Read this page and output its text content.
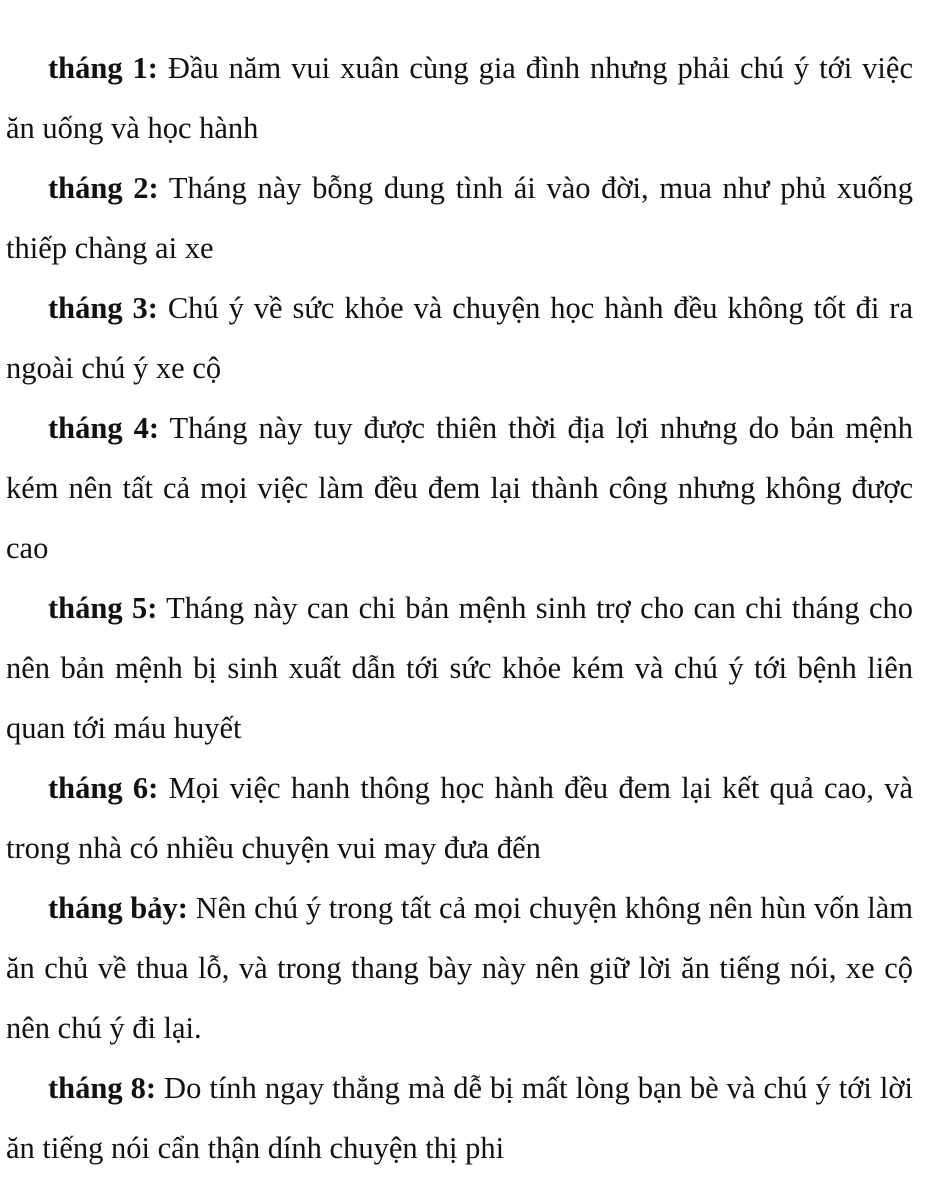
tháng 1: Đầu năm vui xuân cùng gia đình nhưng phải chú ý tới việc ăn uống và học hành

tháng 2: Tháng này bỗng dung tình ái vào đời, mua như phủ xuống thiếp chàng ai xe

tháng 3: Chú ý về sức khỏe và chuyện học hành đều không tốt đi ra ngoài chú ý xe cộ

tháng 4: Tháng này tuy được thiên thời địa lợi nhưng do bản mệnh kém nên tất cả mọi việc làm đều đem lại thành công nhưng không được cao

tháng 5: Tháng này can chi bản mệnh sinh trợ cho can chi tháng cho nên bản mệnh bị sinh xuất dẫn tới sức khỏe kém và chú ý tới bệnh liên quan tới máu huyết

tháng 6: Mọi việc hanh thông học hành đều đem lại kết quả cao, và trong nhà có nhiều chuyện vui may đưa đến

tháng bảy: Nên chú ý trong tất cả mọi chuyện không nên hùn vốn làm ăn chủ về thua lỗ, và trong thang bày này nên giữ lời ăn tiếng nói, xe cộ nên chú ý đi lại.

tháng 8: Do tính ngay thẳng mà dễ bị mất lòng bạn bè và chú ý tới lời ăn tiếng nói cẩn thận dính chuyện thị phi
